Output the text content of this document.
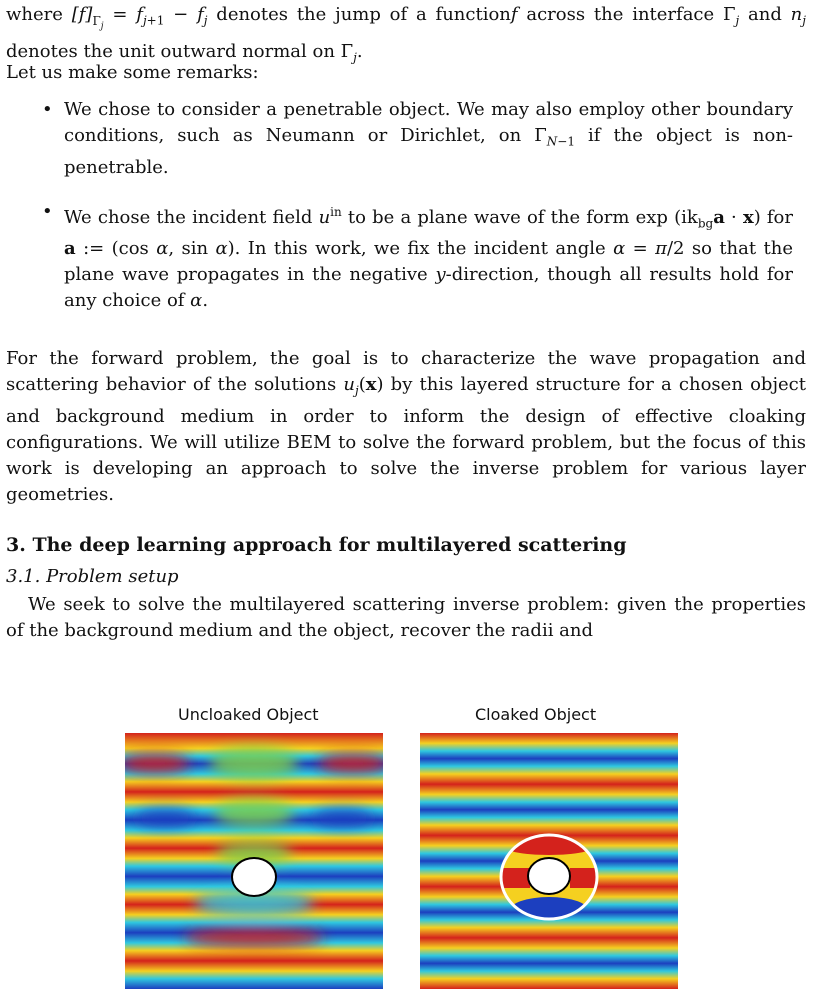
where $[f]_{\Gamma_j} = f_{j+1} - f_j$ denotes the jump of a functionf across the interface $\Gamma_j$ and $n_j$ denotes the unit outward normal on $\Gamma_j$.
Let us make some remarks:
• We chose to consider a penetrable object. We may also employ other boundary conditions, such as Neumann or Dirichlet, on $\Gamma_{N-1}$ if the object is non-penetrable.
• We chose the incident field $u^{in}$ to be a plane wave of the form $\exp (ik_{bg}a \cdot x)$ for a := (cos α, sin α). In this work, we fix the incident angle α = π/2 so that the plane wave propagates in the negative y-direction, though all results hold for any choice of α.
For the forward problem, the goal is to characterize the wave propagation and scattering behavior of the solutions $u_j(x)$ by this layered structure for a chosen object and background medium in order to inform the design of effective cloaking configurations. We will utilize BEM to solve the forward problem, but the focus of this work is developing an approach to solve the inverse problem for various layer geometries.
3. The deep learning approach for multilayered scattering
3.1. Problem setup
We seek to solve the multilayered scattering inverse problem: given the properties of the background medium and the object, recover the radii and
Uncloaked Object	Cloaked Object
